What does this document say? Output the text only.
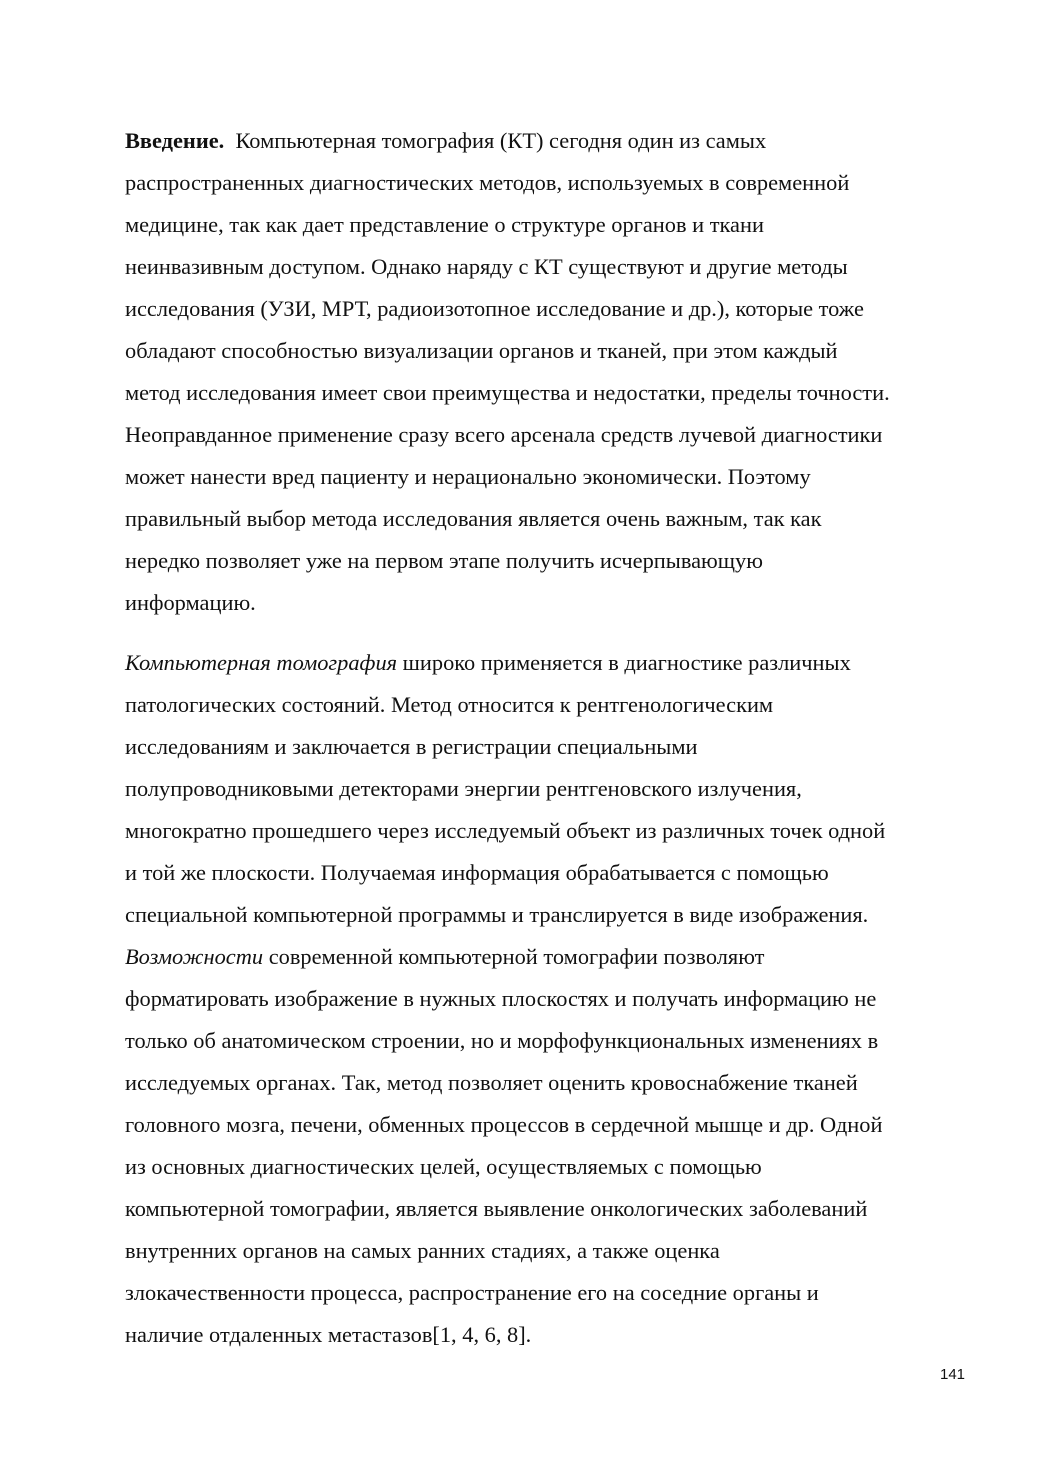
Введение. Компьютерная томография (КТ) сегодня один из самых
распространенных диагностических методов, используемых в современной
медицине, так как дает представление о структуре органов и ткани
неинвазивным доступом. Однако наряду с КТ существуют и другие методы
исследования (УЗИ, МРТ, радиоизотопное исследование и др.), которые тоже
обладают способностью визуализации органов и тканей, при этом каждый
метод исследования имеет свои преимущества и недостатки, пределы точности.
Неоправданное применение сразу всего арсенала средств лучевой диагностики
может нанести вред пациенту и нерационально экономически. Поэтому
правильный выбор метода исследования является очень важным, так как
нередко позволяет уже на первом этапе получить исчерпывающую
информацию.
Компьютерная томография широко применяется в диагностике различных
патологических состояний. Метод относится к рентгенологическим
исследованиям и заключается в регистрации специальными
полупроводниковыми детекторами энергии рентгеновского излучения,
многократно прошедшего через исследуемый объект из различных точек одной
и той же плоскости. Получаемая информация обрабатывается с помощью
специальной компьютерной программы и транслируется в виде изображения.
Возможности современной компьютерной томографии позволяют
форматировать изображение в нужных плоскостях и получать информацию не
только об анатомическом строении, но и морфофункциональных изменениях в
исследуемых органах. Так, метод позволяет оценить кровоснабжение тканей
головного мозга, печени, обменных процессов в сердечной мышце и др. Одной
из основных диагностических целей, осуществляемых с помощью
компьютерной томографии, является выявление онкологических заболеваний
внутренних органов на самых ранних стадиях, а также оценка
злокачественности процесса, распространение его на соседние органы и
наличие отдаленных метастазов[1, 4, 6, 8].
141
